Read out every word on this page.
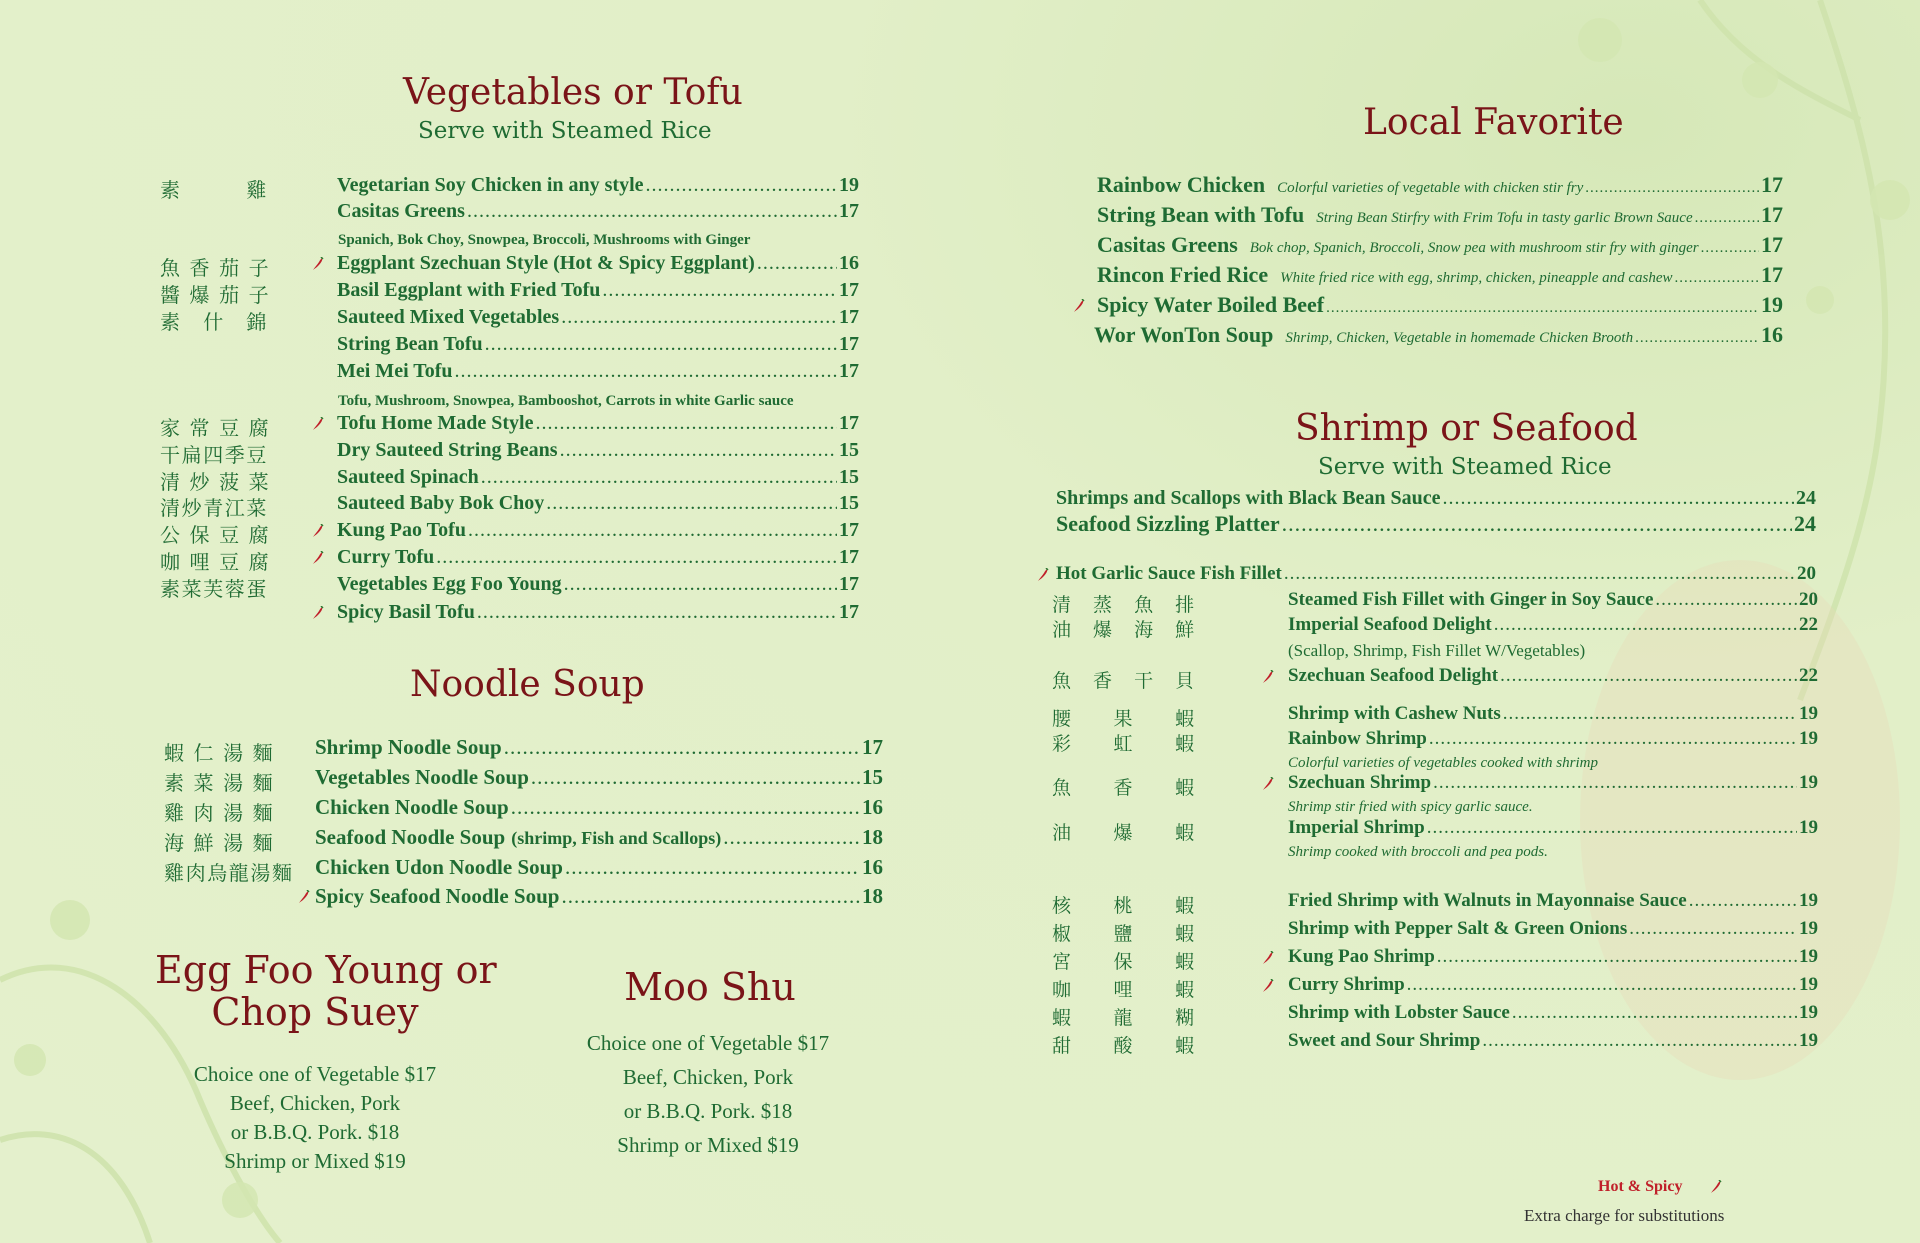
Vegetables or Tofu
Serve with Steamed Rice
Noodle Soup
Egg Foo Young or
Chop Suey
Choice one of Vegetable $17
Beef, Chicken, Pork
or B.B.Q. Pork. $18
Shrimp or Mixed $19
Moo Shu
Choice one of Vegetable $17
Beef, Chicken, Pork
or B.B.Q. Pork. $18
Shrimp or Mixed $19
Local Favorite
Shrimp or Seafood
Serve with Steamed Rice
Hot & Spicy
Extra charge for substitutions
素　　　雞	Vegetarian Soy Chicken in any style .....	19
Casitas Greens .....	17
Spanich, Bok Choy, Snowpea, Broccoli, Mushrooms with Ginger
魚 香 茄 子	Eggplant Szechuan Style (Hot & Spicy Eggplant) .....	16
醬 爆 茄 子	Basil Eggplant with Fried Tofu .....	17
素　什　錦	Sauteed Mixed Vegetables .....	17
String Bean Tofu .....	17
Mei Mei Tofu .....	17
Tofu, Mushroom, Snowpea, Bambooshot, Carrots in white Garlic sauce
家 常 豆 腐	Tofu Home Made Style .....	17
干扁四季豆	Dry Sauteed String Beans .....	15
清 炒 菠 菜	Sauteed Spinach .....	15
清炒青江菜	Sauteed Baby Bok Choy .....	15
公 保 豆 腐	Kung Pao Tofu .....	17
咖 哩 豆 腐	Curry Tofu .....	17
素菜芙蓉蛋	Vegetables Egg Foo Young .....	17
Spicy Basil Tofu .....	17
蝦 仁 湯 麵 Shrimp Noodle Soup .....	17
素 菜 湯 麵 Vegetables Noodle Soup .....	15
雞 肉 湯 麵 Chicken Noodle Soup .....	16
海 鮮 湯 麵 Seafood Noodle Soup (shrimp, Fish and Scallops) .....	18
雞肉烏龍湯麵 Chicken Udon Noodle Soup .....	16
Spicy Seafood Noodle Soup .....	18
Rainbow Chicken Colorful varieties of vegetable with chicken stir fry .....	17
String Bean with Tofu String Bean Stirfry with Frim Tofu in tasty garlic Brown Sauce .....	17
Casitas Greens Bok chop, Spanich, Broccoli, Snow pea with mushroom stir fry with ginger .....	17
Rincon Fried Rice White fried rice with egg, shrimp, chicken, pineapple and cashew .....	17
Spicy Water Boiled Beef .....	19
Wor WonTon Soup Shrimp, Chicken, Vegetable in homemade Chicken Brooth .....	16
Shrimps and Scallops with Black Bean Sauce .....	24
Seafood Sizzling Platter .....	24
Hot Garlic Sauce Fish Fillet .....	20
清　蒸　魚　排	Steamed Fish Fillet with Ginger in Soy Sauce .....	20
油　爆　海　鮮	Imperial Seafood Delight .....	22
(Scallop, Shrimp, Fish Fillet W/Vegetables)
魚　香　干　貝	Szechuan Seafood Delight .....	22
腰　　果　　蝦	Shrimp with Cashew Nuts .....	19
彩　　虹　　蝦	Rainbow Shrimp .....	19
Colorful varieties of vegetables cooked with shrimp
魚　　香　　蝦	Szechuan Shrimp .....	19
Shrimp stir fried with spicy garlic sauce.
油　　爆　　蝦	Imperial Shrimp .....	19
Shrimp cooked with broccoli and pea pods.
核　　桃　　蝦	Fried Shrimp with Walnuts in Mayonnaise Sauce .....	19
椒　　鹽　　蝦	Shrimp with Pepper Salt & Green Onions .....	19
宮　　保　　蝦	Kung Pao Shrimp .....	19
咖　　哩　　蝦	Curry Shrimp .....	19
蝦　　龍　　糊	Shrimp with Lobster Sauce .....	19
甜　　酸　　蝦	Sweet and Sour Shrimp .....	19
